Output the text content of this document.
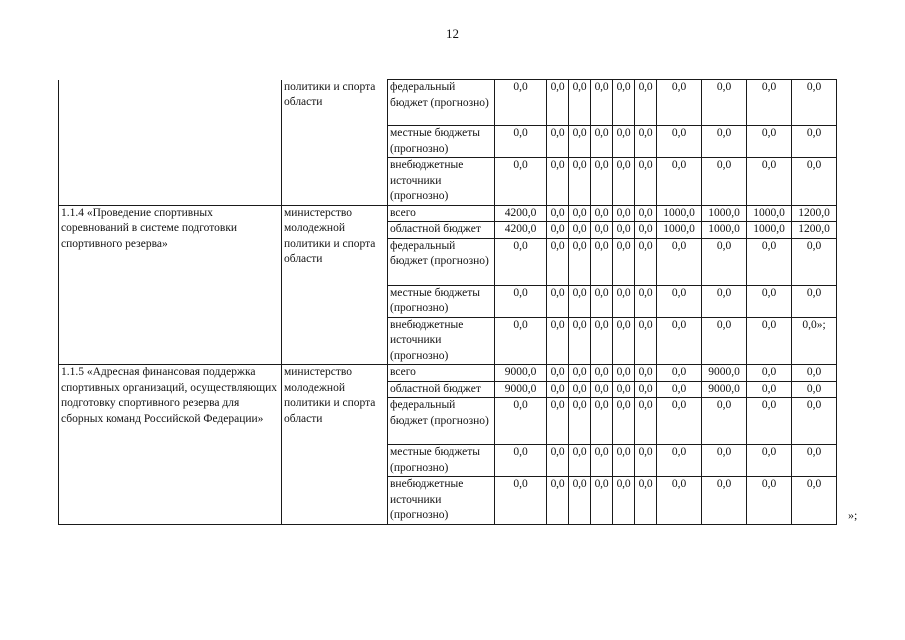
12
	политики и спорта области	федеральный бюджет (прогнозно)	0,0	0,0	0,0	0,0	0,0	0,0	0,0	0,0	0,0	0,0
		местные бюджеты (прогнозно)	0,0	0,0	0,0	0,0	0,0	0,0	0,0	0,0	0,0	0,0
		внебюджетные источники (прогнозно)	0,0	0,0	0,0	0,0	0,0	0,0	0,0	0,0	0,0	0,0
1.1.4 «Проведение спортивных соревнований в системе подготовки спортивного резерва»	министерство молодежной политики и спорта области	всего	4200,0	0,0	0,0	0,0	0,0	0,0	1000,0	1000,0	1000,0	1200,0
		областной бюджет	4200,0	0,0	0,0	0,0	0,0	0,0	1000,0	1000,0	1000,0	1200,0
		федеральный бюджет (прогнозно)	0,0	0,0	0,0	0,0	0,0	0,0	0,0	0,0	0,0	0,0
		местные бюджеты (прогнозно)	0,0	0,0	0,0	0,0	0,0	0,0	0,0	0,0	0,0	0,0
		внебюджетные источники (прогнозно)	0,0	0,0	0,0	0,0	0,0	0,0	0,0	0,0	0,0	0,0»;
1.1.5 «Адресная финансовая поддержка спортивных организаций, осуществляющих подготовку спортивного резерва для сборных команд Российской Федерации»	министерство молодежной политики и спорта области	всего	9000,0	0,0	0,0	0,0	0,0	0,0	0,0	9000,0	0,0	0,0
		областной бюджет	9000,0	0,0	0,0	0,0	0,0	0,0	0,0	9000,0	0,0	0,0
		федеральный бюджет (прогнозно)	0,0	0,0	0,0	0,0	0,0	0,0	0,0	0,0	0,0	0,0
		местные бюджеты (прогнозно)	0,0	0,0	0,0	0,0	0,0	0,0	0,0	0,0	0,0	0,0
		внебюджетные источники (прогнозно)	0,0	0,0	0,0	0,0	0,0	0,0	0,0	0,0	0,0	0,0
»;
